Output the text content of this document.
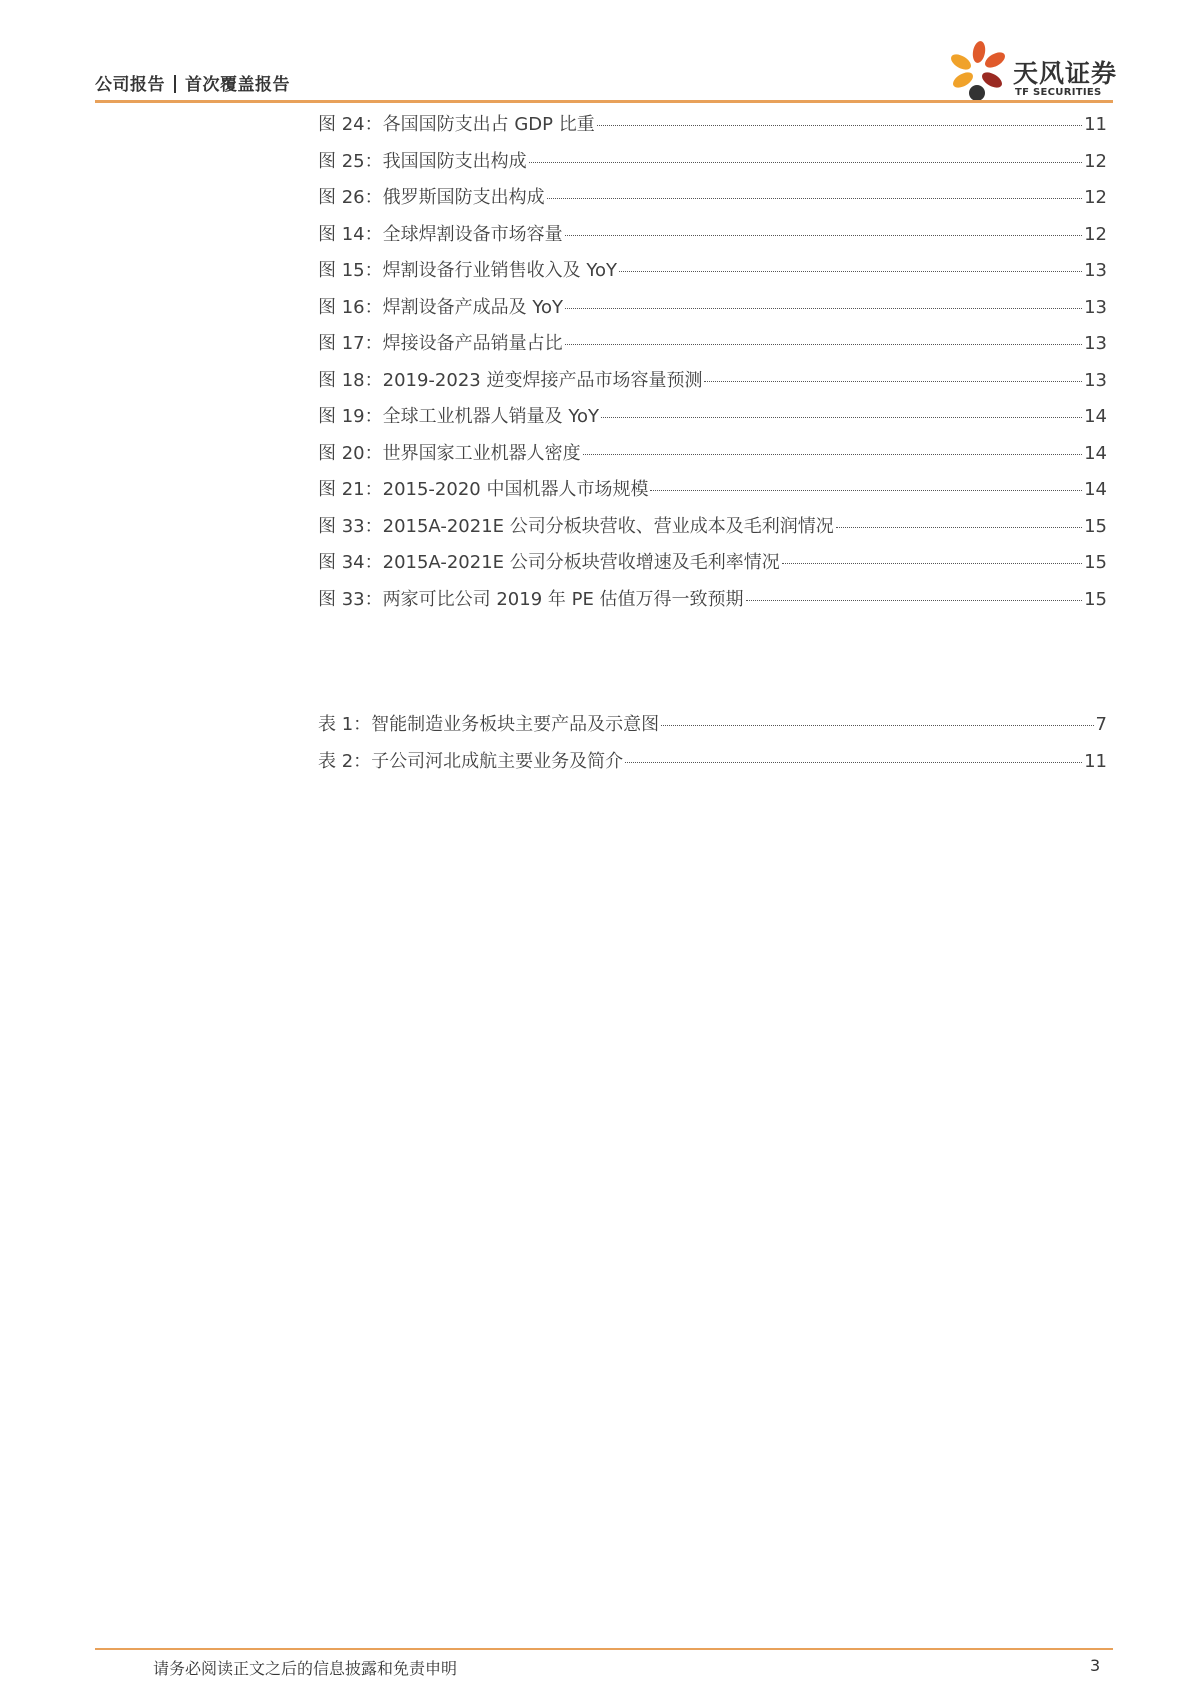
公司报告 首次覆盖报告	天风证券
TF SECURITIES
图 24：各国国防支出占 GDP 比重	11
图 25：我国国防支出构成	12
图 26：俄罗斯国防支出构成	12
图 14：全球焊割设备市场容量	12
图 15：焊割设备行业销售收入及 YoY	13
图 16：焊割设备产成品及 YoY	13
图 17：焊接设备产品销量占比	13
图 18：2019-2023 逆变焊接产品市场容量预测	13
图 19：全球工业机器人销量及 YoY	14
图 20：世界国家工业机器人密度	14
图 21：2015-2020 中国机器人市场规模	14
图 33：2015A-2021E 公司分板块营收、营业成本及毛利润情况	15
图 34：2015A-2021E 公司分板块营收增速及毛利率情况	15
图 33：两家可比公司 2019 年 PE 估值万得一致预期	15
表 1：智能制造业务板块主要产品及示意图	7
表 2：子公司河北成航主要业务及简介	11
请务必阅读正文之后的信息披露和免责申明	3
